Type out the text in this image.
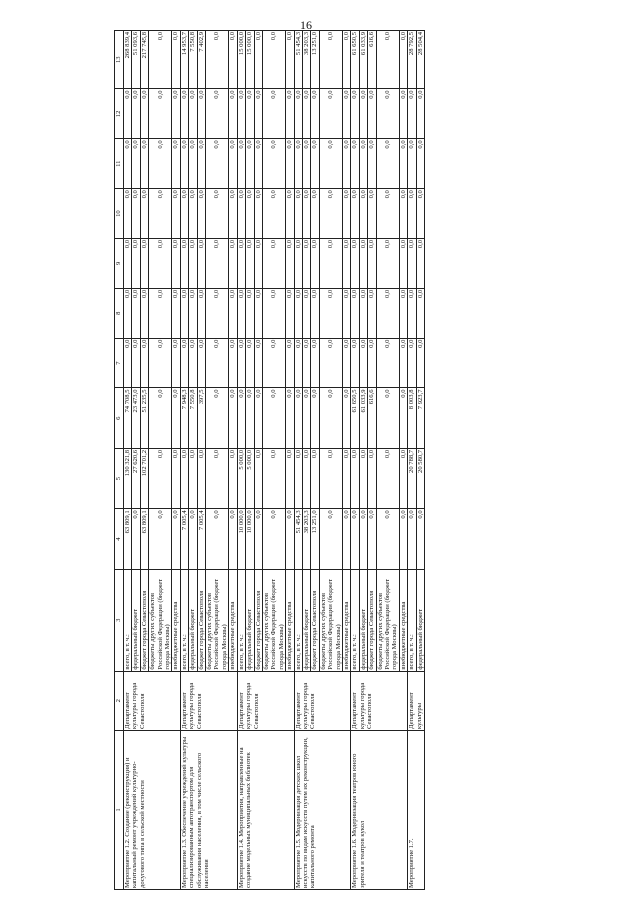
16
1	2	3	4	5	6	7	8	9	10	11	12	13
Мероприятие 1.2. Создание (реконструкция) и капитальный ремонт учреждений культурно-досугового типа в сельской местности	Департамент культуры города Севастополя	всего, в т. ч.:	63 809,1	130 321,8	74 708,5	0,0	0,0	0,0	0,0	0,0	0,0	268 839,4
		федеральный бюджет	0,0	27 620,6	23 473,0	0,0	0,0	0,0	0,0	0,0	0,0	51 093,6
		бюджет города Севастополя	63 809,1	102 701,2	51 235,5	0,0	0,0	0,0	0,0	0,0	0,0	217 745,8
		бюджеты других субъектов Российской Федерации (бюджет города Москвы)	0,0	0,0	0,0	0,0	0,0	0,0	0,0	0,0	0,0	0,0
		внебюджетные средства	0,0	0,0	0,0	0,0	0,0	0,0	0,0	0,0	0,0	0,0
Мероприятие 1.3. Обеспечение учреждений культуры специализированным автотранспортом для обслуживания населения, в том числе сельского населения	Департамент культуры города Севастополя	всего, в т. ч.:	7 005,4	0,0	7 948,3	0,0	0,0	0,0	0,0	0,0	0,0	14 953,7
		федеральный бюджет	0,0	0,0	7 550,8	0,0	0,0	0,0	0,0	0,0	0,0	7 550,8
		бюджет города Севастополя	7 005,4	0,0	397,5	0,0	0,0	0,0	0,0	0,0	0,0	7 402,9
		бюджеты других субъектов Российской Федерации (бюджет города Москвы)	0,0	0,0	0,0	0,0	0,0	0,0	0,0	0,0	0,0	0,0
		внебюджетные средства	0,0	0,0	0,0	0,0	0,0	0,0	0,0	0,0	0,0	0,0
Мероприятие 1.4. Мероприятия, направленные на создание модельных муниципальных библиотек	Департамент культуры города Севастополя	всего, в т. ч.:	10 000,0	5 000,0	0,0	0,0	0,0	0,0	0,0	0,0	0,0	15 000,0
		федеральный бюджет	10 000,0	5 000,0	0,0	0,0	0,0	0,0	0,0	0,0	0,0	15 000,0
		бюджет города Севастополя	0,0	0,0	0,0	0,0	0,0	0,0	0,0	0,0	0,0	0,0
		бюджеты других субъектов Российской Федерации (бюджет города Москвы)	0,0	0,0	0,0	0,0	0,0	0,0	0,0	0,0	0,0	0,0
		внебюджетные средства	0,0	0,0	0,0	0,0	0,0	0,0	0,0	0,0	0,0	0,0
Мероприятие 1.5. Модернизация детских школ искусств по видам искусств путем их реконструкции, капитального ремонта	Департамент культуры города Севастополя	всего, в т. ч.:	51 454,3	0,0	0,0	0,0	0,0	0,0	0,0	0,0	0,0	51 454,3
		федеральный бюджет	38 203,3	0,0	0,0	0,0	0,0	0,0	0,0	0,0	0,0	38 203,3
		бюджет города Севастополя	13 251,0	0,0	0,0	0,0	0,0	0,0	0,0	0,0	0,0	13 251,0
		бюджеты других субъектов Российской Федерации (бюджет города Москвы)	0,0	0,0	0,0	0,0	0,0	0,0	0,0	0,0	0,0	0,0
		внебюджетные средства	0,0	0,0	0,0	0,0	0,0	0,0	0,0	0,0	0,0	0,0
Мероприятие 1.6. Модернизация театров юного зрителя и театров кукол	Департамент культуры города Севастополя	всего, в т. ч.:	0,0	0,0	61 650,5	0,0	0,0	0,0	0,0	0,0	0,0	61 650,5
		федеральный бюджет	0,0	0,0	61 033,9	0,0	0,0	0,0	0,0	0,0	0,0	61 033,9
		бюджет города Севастополя	0,0	0,0	616,6	0,0	0,0	0,0	0,0	0,0	0,0	616,6
		бюджеты других субъектов Российской Федерации (бюджет города Москвы)	0,0	0,0	0,0	0,0	0,0	0,0	0,0	0,0	0,0	0,0
		внебюджетные средства	0,0	0,0	0,0	0,0	0,0	0,0	0,0	0,0	0,0	0,0
Мероприятие 1.7.	Департамент культуры	всего, в т. ч.:	0,0	20 788,7	8 003,8	0,0	0,0	0,0	0,0	0,0	0,0	28 792,5
		федеральный бюджет	0,0	20 580,7	7 923,7	0,0	0,0	0,0	0,0	0,0	0,0	28 504,4
